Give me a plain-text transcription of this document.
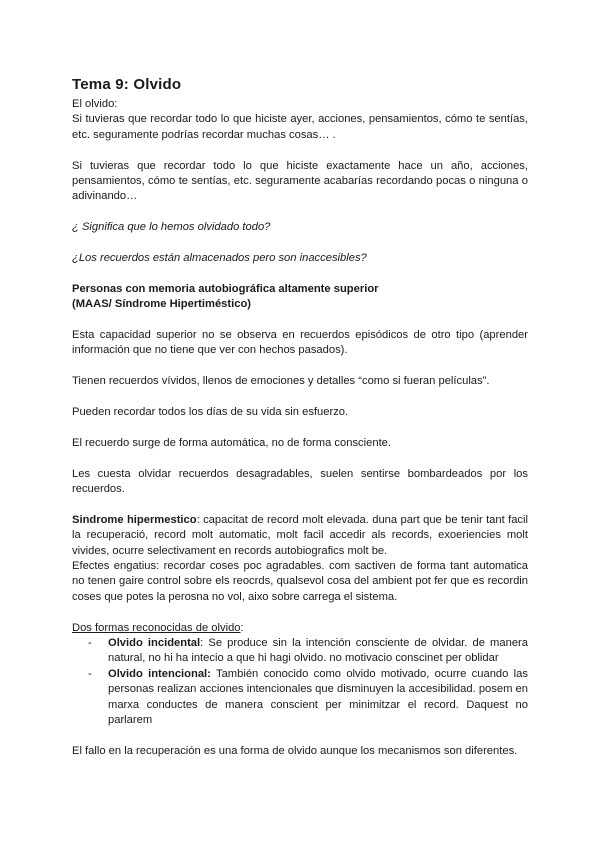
Tema 9: Olvido

El olvido:

Si tuvieras que recordar todo lo que hiciste ayer, acciones, pensamientos, cómo te sentías, etc. seguramente podrías recordar muchas cosas… .

Si tuvieras que recordar todo lo que hiciste exactamente hace un año, acciones, pensamientos, cómo te sentías, etc. seguramente acabarías recordando pocas o ninguna o adivinando…

¿ Significa que lo hemos olvidado todo?

¿Los recuerdos están almacenados pero son inaccesibles?

Personas con memoria autobiográfica altamente superior

(MAAS/ Síndrome Hipertiméstico)

Esta capacidad superior no se observa en recuerdos episódicos de otro tipo (aprender información que no tiene que ver con hechos pasados).

Tienen recuerdos vívidos, llenos de emociones y detalles “como si fueran películas”.

Pueden recordar todos los días de su vida sin esfuerzo.

El recuerdo surge de forma automática, no de forma consciente.

Les cuesta olvidar recuerdos desagradables, suelen sentirse bombardeados por los recuerdos.

Sindrome hipermestico: capacitat de record molt elevada. duna part que be tenir tant facil la recuperació, record molt automatic, molt facil accedir als records, exoeriencies molt vivides, ocurre selectivament en records autobiografics molt be.

Efectes engatius: recordar coses poc agradables. com sactiven de forma tant automatica no tenen gaire control sobre els reocrds, qualsevol cosa del ambient pot fer que es recordin coses que potes la perosna no vol, aixo sobre carrega el sistema.

Dos formas reconocidas de olvido:

- Olvido incidental: Se produce sin la intención consciente de olvidar. de manera natural, no hi ha intecio a que hi hagi olvido. no motivacio conscinet per oblidar
- Olvido intencional: También conocido como olvido motivado, ocurre cuando las personas realizan acciones intencionales que disminuyen la accesibilidad. posem en marxa conductes de manera conscient per minimitzar el record. Daquest no parlarem

El fallo en la recuperación es una forma de olvido aunque los mecanismos son diferentes.
